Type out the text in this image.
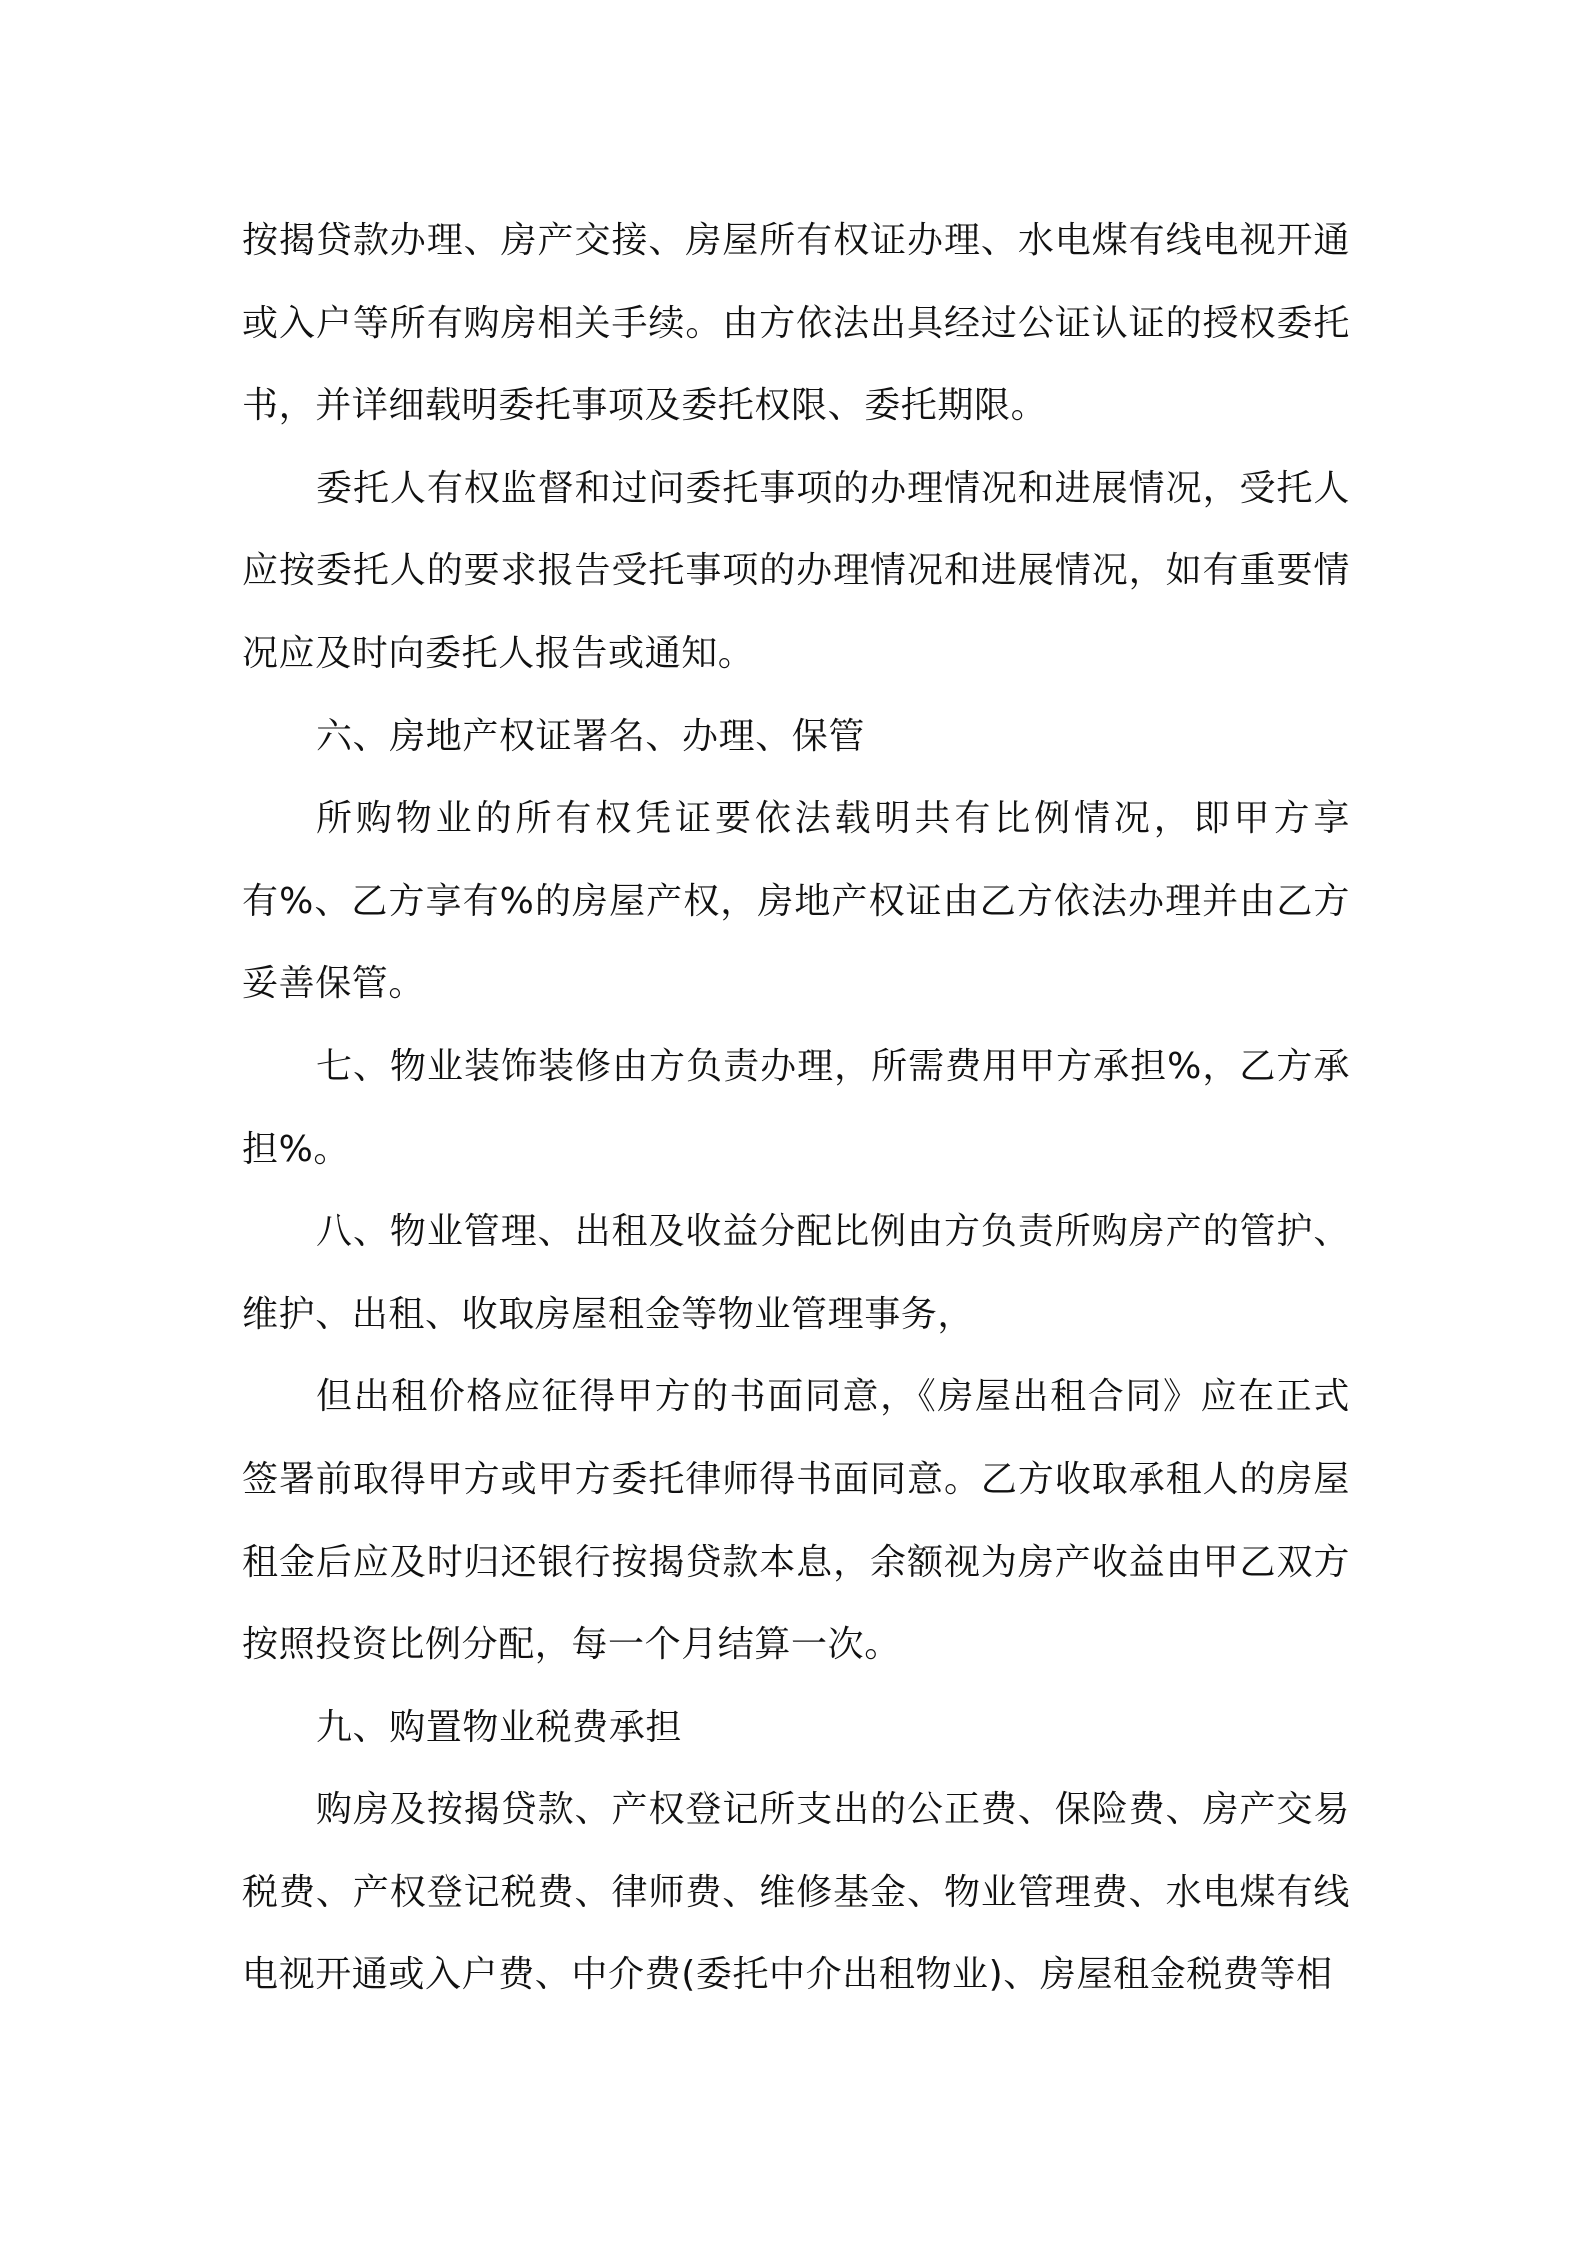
按揭贷款办理、房产交接、房屋所有权证办理、水电煤有线电视开通或入户等所有购房相关手续。由方依法出具经过公证认证的授权委托书，并详细载明委托事项及委托权限、委托期限。

委托人有权监督和过问委托事项的办理情况和进展情况，受托人应按委托人的要求报告受托事项的办理情况和进展情况，如有重要情况应及时向委托人报告或通知。

六、房地产权证署名、办理、保管

所购物业的所有权凭证要依法载明共有比例情况，即甲方享有%、乙方享有%的房屋产权，房地产权证由乙方依法办理并由乙方妥善保管。

七、物业装饰装修由方负责办理，所需费用甲方承担%，乙方承担%。

八、物业管理、出租及收益分配比例由方负责所购房产的管护、维护、出租、收取房屋租金等物业管理事务，

但出租价格应征得甲方的书面同意，《房屋出租合同》应在正式签署前取得甲方或甲方委托律师得书面同意。乙方收取承租人的房屋租金后应及时归还银行按揭贷款本息，余额视为房产收益由甲乙双方按照投资比例分配，每一个月结算一次。

九、购置物业税费承担

购房及按揭贷款、产权登记所支出的公正费、保险费、房产交易税费、产权登记税费、律师费、维修基金、物业管理费、水电煤有线电视开通或入户费、中介费(委托中介出租物业)、房屋租金税费等相
